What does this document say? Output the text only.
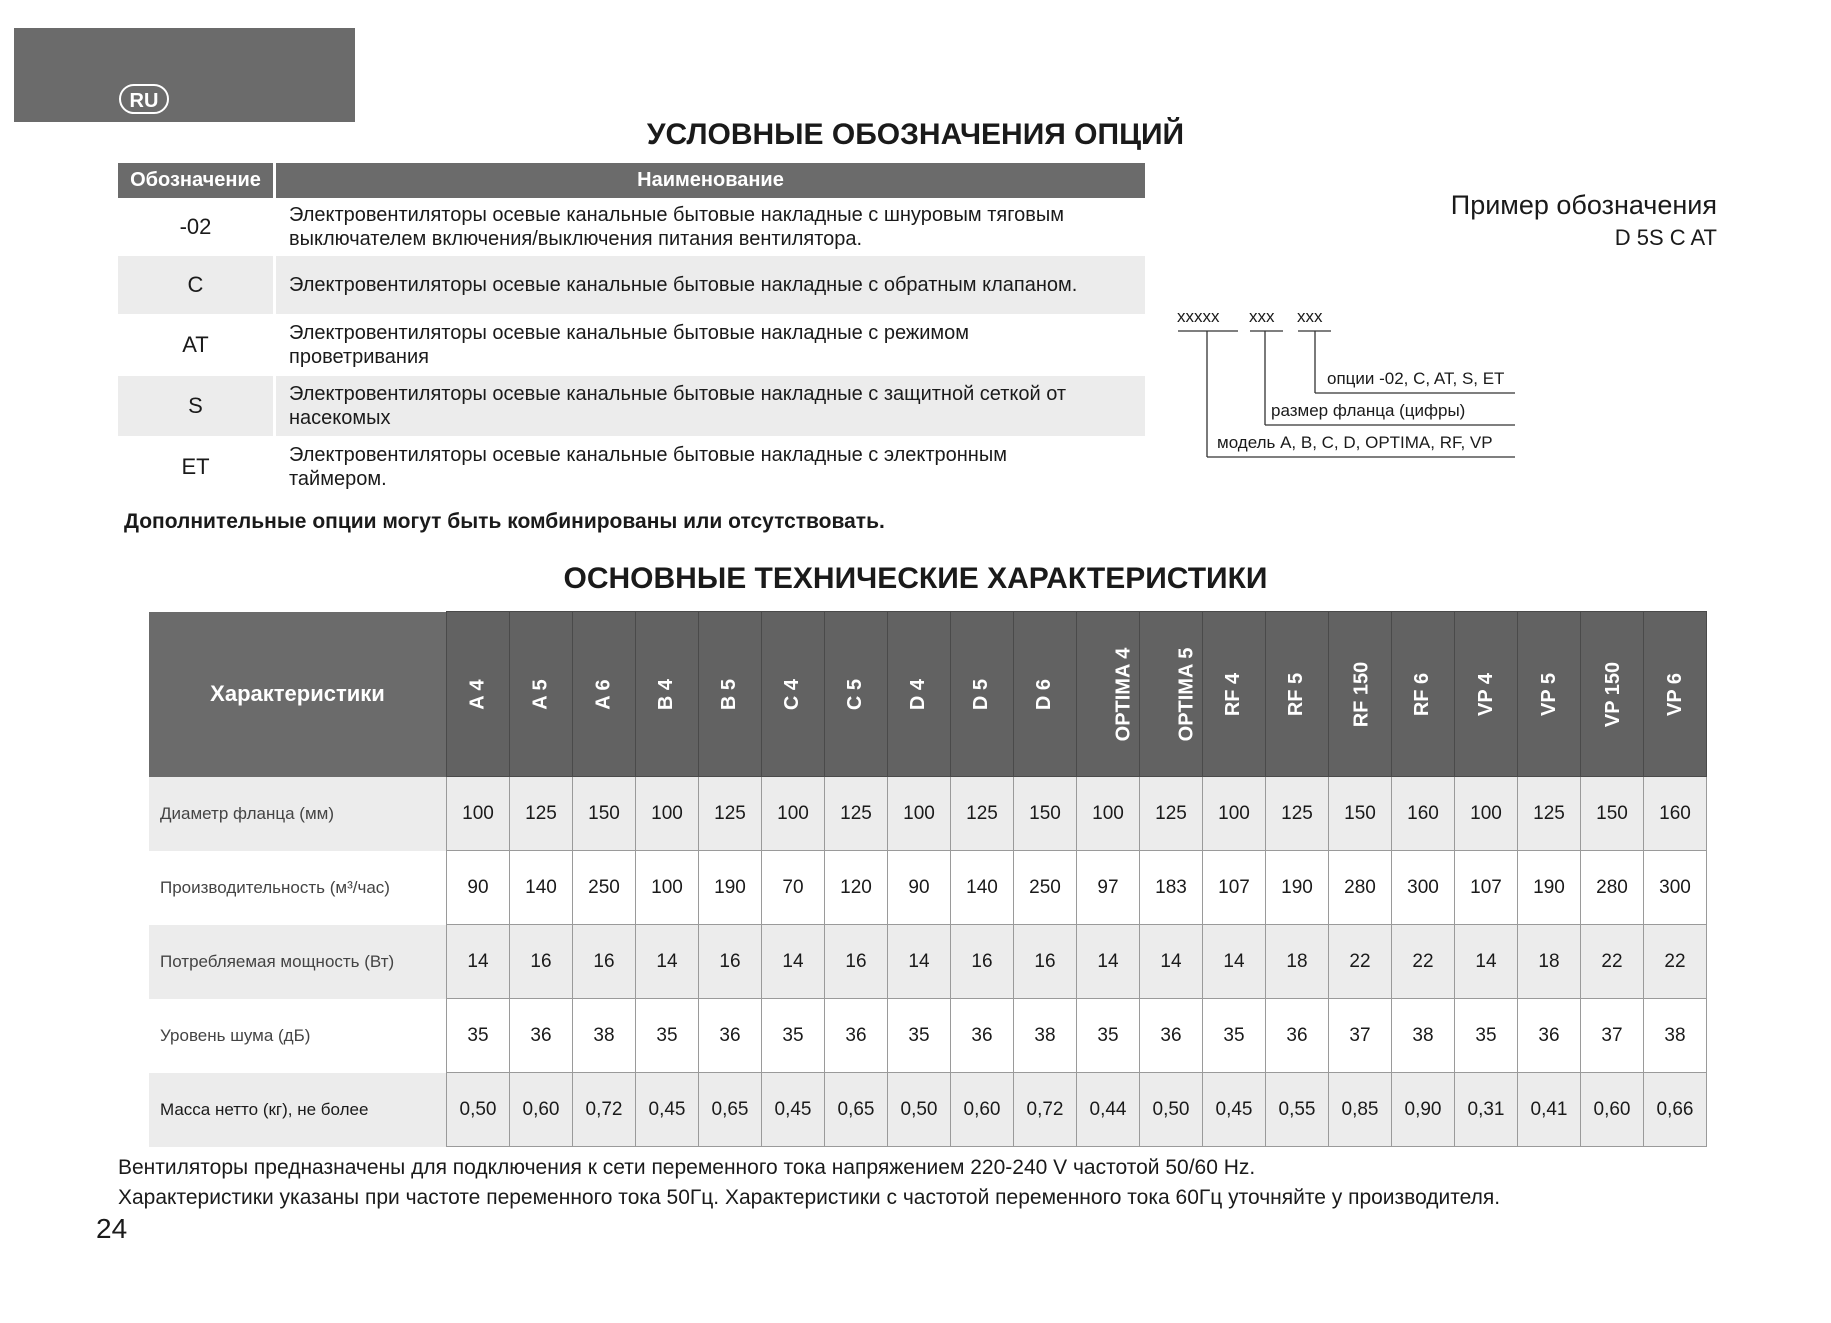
RU
УСЛОВНЫЕ ОБОЗНАЧЕНИЯ ОПЦИЙ
Обозначение	Наименование
-02	Электровентиляторы осевые канальные бытовые накладные с шнуровым тяговым
выключателем включения/выключения питания вентилятора.

C	Электровентиляторы осевые канальные бытовые накладные с обратным клапаном.

AT	Электровентиляторы осевые канальные бытовые накладные с режимом
проветривания

S	Электровентиляторы осевые канальные бытовые накладные с защитной сеткой от
насекомых

ET	Электровентиляторы осевые канальные бытовые накладные с электронным
таймером.
Дополнительные опции могут быть комбинированы или отсутствовать.
Пример обозначения
D 5S C AT
xxxxx xxx xxx
опции -02, C, AT, S, ET
размер фланца (цифры)
модель A, B, C, D, OPTIMA, RF, VP
ОСНОВНЫЕ ТЕХНИЧЕСКИЕ ХАРАКТЕРИСТИКИ
Характеристики	A 4	A 5	A 6	B 4	B 5	C 4	C 5	D 4	D 5	D 6	OPTIMA 4	OPTIMA 5	RF 4	RF 5	RF 150	RF 6	VP 4	VP 5	VP 150	VP 6
Диаметр фланца (мм)	100	125	150	100	125	100	125	100	125	150	100	125	100	125	150	160	100	125	150	160
Производительность (м³/час)	90	140	250	100	190	70	120	90	140	250	97	183	107	190	280	300	107	190	280	300
Потребляемая мощность (Вт)	14	16	16	14	16	14	16	14	16	16	14	14	14	18	22	22	14	18	22	22
Уровень шума (дБ)	35	36	38	35	36	35	36	35	36	38	35	36	35	36	37	38	35	36	37	38
Масса нетто (кг), не более	0,50	0,60	0,72	0,45	0,65	0,45	0,65	0,50	0,60	0,72	0,44	0,50	0,45	0,55	0,85	0,90	0,31	0,41	0,60	0,66
Вентиляторы предназначены для подключения к сети переменного тока напряжением 220-240 V частотой 50/60 Hz.
Характеристики указаны при частоте переменного тока 50Гц. Характеристики с частотой переменного тока 60Гц уточняйте у производителя.
24
